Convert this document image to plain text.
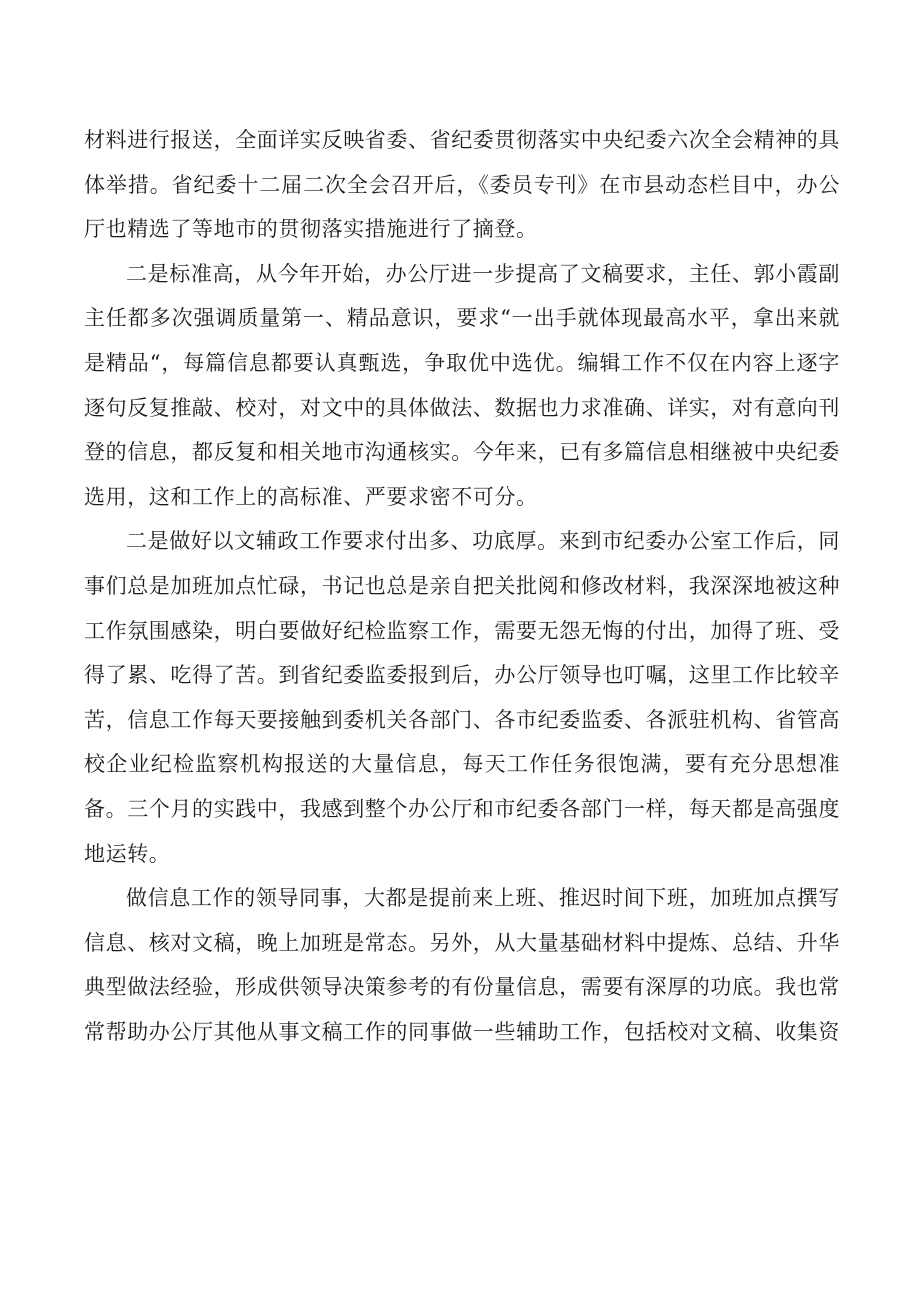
材料进行报送，全面详实反映省委、省纪委贯彻落实中央纪委六次全会精神的具体举措。省纪委十二届二次全会召开后，《委员专刊》在市县动态栏目中，办公厅也精选了等地市的贯彻落实措施进行了摘登。

二是标准高，从今年开始，办公厅进一步提高了文稿要求，主任、郭小霞副主任都多次强调质量第一、精品意识，要求“一出手就体现最高水平，拿出来就是精品“，每篇信息都要认真甄选，争取优中选优。编辑工作不仅在内容上逐字逐句反复推敲、校对，对文中的具体做法、数据也力求准确、详实，对有意向刊登的信息，都反复和相关地市沟通核实。今年来，已有多篇信息相继被中央纪委选用，这和工作上的高标准、严要求密不可分。

二是做好以文辅政工作要求付出多、功底厚。来到市纪委办公室工作后，同事们总是加班加点忙碌，书记也总是亲自把关批阅和修改材料，我深深地被这种工作氛围感染，明白要做好纪检监察工作，需要无怨无悔的付出，加得了班、受得了累、吃得了苦。到省纪委监委报到后，办公厅领导也叮嘱，这里工作比较辛苦，信息工作每天要接触到委机关各部门、各市纪委监委、各派驻机构、省管高校企业纪检监察机构报送的大量信息，每天工作任务很饱满，要有充分思想准备。三个月的实践中，我感到整个办公厅和市纪委各部门一样，每天都是高强度地运转。

做信息工作的领导同事，大都是提前来上班、推迟时间下班，加班加点撰写信息、核对文稿，晚上加班是常态。另外，从大量基础材料中提炼、总结、升华典型做法经验，形成供领导决策参考的有份量信息，需要有深厚的功底。我也常常帮助办公厅其他从事文稿工作的同事做一些辅助工作，包括校对文稿、收集资
